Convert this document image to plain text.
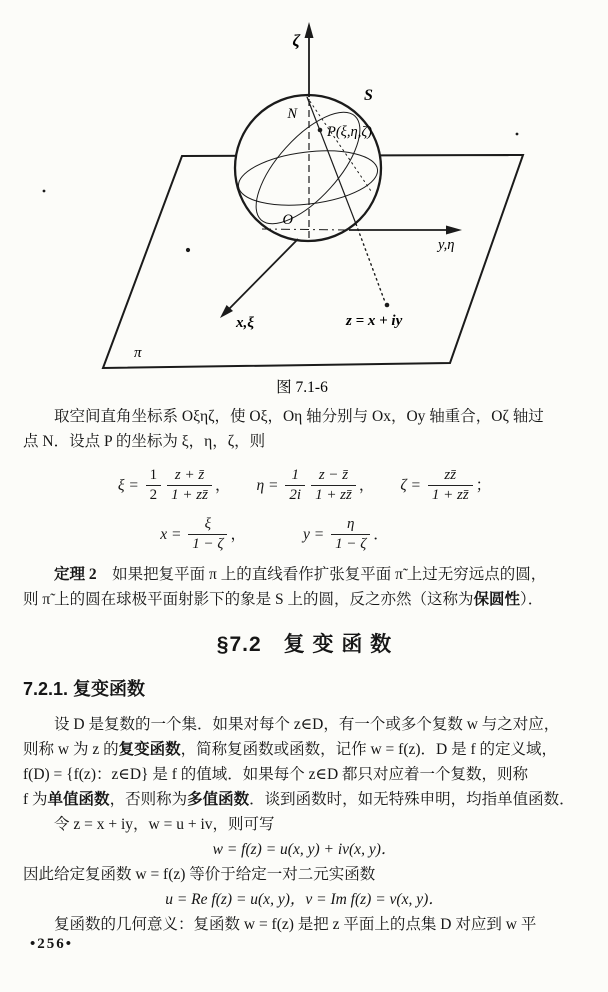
ζ
y,η
x,ξ
P(ξ,η,ζ)
N
S
O
z = x + iy
π
图 7.1-6
取空间直角坐标系 Oξηζ，使 Oξ，Oη 轴分别与 Ox，Oy 轴重合，Oζ 轴过
点 N．设点 P 的坐标为 ξ，η，ζ，则
$\xi = \frac{1}{2} \frac{z + z̄}{1 + zz̄}$ ， $\eta = \frac{1}{2i} \frac{z - z̄}{1 + zz̄}$ ， $\zeta = \frac{zz̄}{1 + zz̄}$ ；
$x = \frac{\xi}{1 - \zeta}$ ，	$y = \frac{\eta}{1 - \zeta}$ ．
定理 2　如果把复平面 π 上的直线看作扩张复平面 π̃ 上过无穷远点的圆，
则 π̃ 上的圆在球极平面射影下的象是 S 上的圆，反之亦然（这称为保圆性）．
§7.2　复 变 函 数
7.2.1. 复变函数
设 D 是复数的一个集．如果对每个 z∈D，有一个或多个复数 w 与之对应，
则称 w 为 z 的复变函数，简称复函数或函数，记作 w = f(z)．D 是 f 的定义域，
f(D) = {f(z)：z∈D} 是 f 的值域．如果每个 z∈D 都只对应着一个复数，则称
f 为单值函数，否则称为多值函数．谈到函数时，如无特殊申明，均指单值函数．
令 z = x + iy，w = u + iv，则可写
w = f(z) = u(x, y) + iv(x, y)．
因此给定复函数 w = f(z) 等价于给定一对二元实函数
u = Re f(z) = u(x, y)，v = Im f(z) = v(x, y)．
复函数的几何意义：复函数 w = f(z) 是把 z 平面上的点集 D 对应到 w 平
•256•
